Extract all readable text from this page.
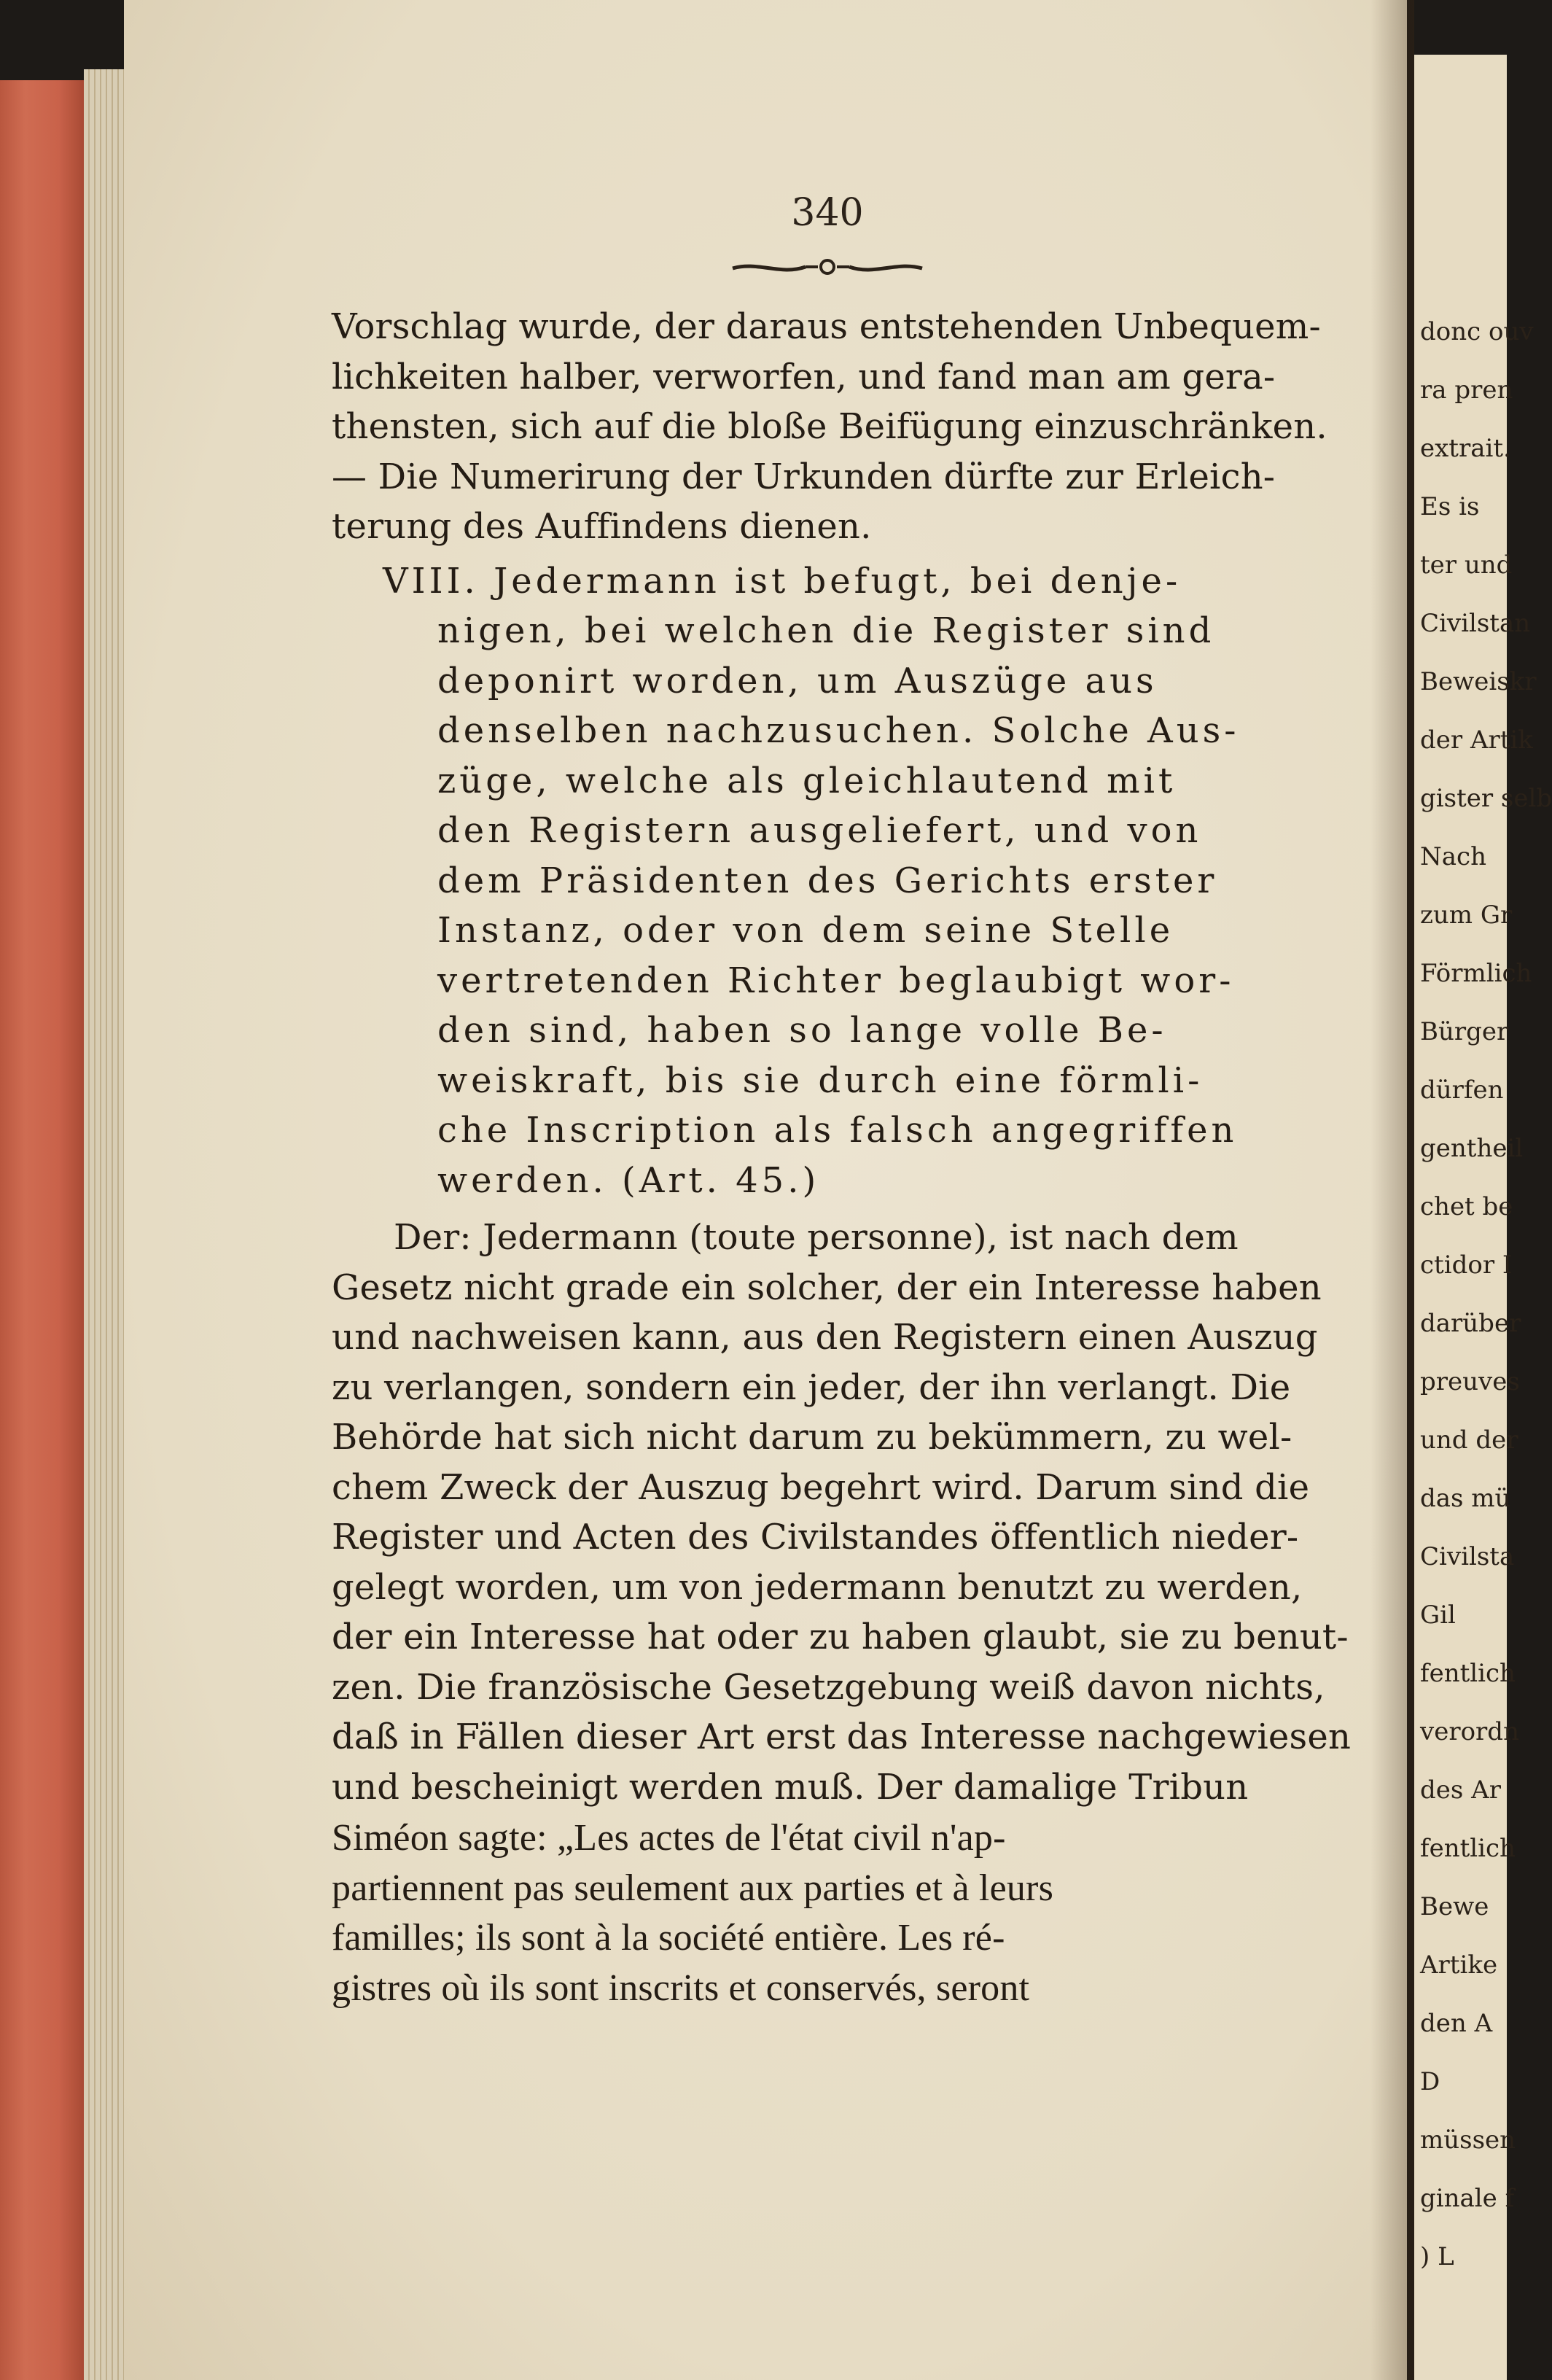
donc ouv
ra pren
extrait.
Es is
ter und
Civilstan
Beweiskr
der Artik
gister selb
Nach
zum Gr
Förmlich
Bürger
dürfen
gentheil
chet be
ctidor I
darüber
preuves
und der
das mü
Civilsta
Gil
fentlich
verordn
des Ar
fentlich
Bewe
Artike
den A
D
müssen
ginale f
) L
340
Vorschlag wurde, der daraus entstehenden Unbequem-
lichkeiten halber, verworfen, und fand man am gera-
thensten, sich auf die bloße Beifügung einzuschränken.
— Die Numerirung der Urkunden dürfte zur Erleich-
terung des Auffindens dienen.
VIII. Jedermann ist befugt, bei denje-
nigen, bei welchen die Register sind
deponirt worden, um Auszüge aus
denselben nachzusuchen. Solche Aus-
züge, welche als gleichlautend mit
den Registern ausgeliefert, und von
dem Präsidenten des Gerichts erster
Instanz, oder von dem seine Stelle
vertretenden Richter beglaubigt wor-
den sind, haben so lange volle Be-
weiskraft, bis sie durch eine förmli-
che Inscription als falsch angegriffen
werden. (Art. 45.)
Der: Jedermann (toute personne), ist nach dem
Gesetz nicht grade ein solcher, der ein Interesse haben
und nachweisen kann, aus den Registern einen Auszug
zu verlangen, sondern ein jeder, der ihn verlangt. Die
Behörde hat sich nicht darum zu bekümmern, zu wel-
chem Zweck der Auszug begehrt wird. Darum sind die
Register und Acten des Civilstandes öffentlich nieder-
gelegt worden, um von jedermann benutzt zu werden,
der ein Interesse hat oder zu haben glaubt, sie zu benut-
zen. Die französische Gesetzgebung weiß davon nichts,
daß in Fällen dieser Art erst das Interesse nachgewiesen
und bescheinigt werden muß. Der damalige Tribun
Siméon sagte: „Les actes de l'état civil n'ap-
partiennent pas seulement aux parties et à leurs
familles; ils sont à la société entière. Les ré-
gistres où ils sont inscrits et conservés, seront
